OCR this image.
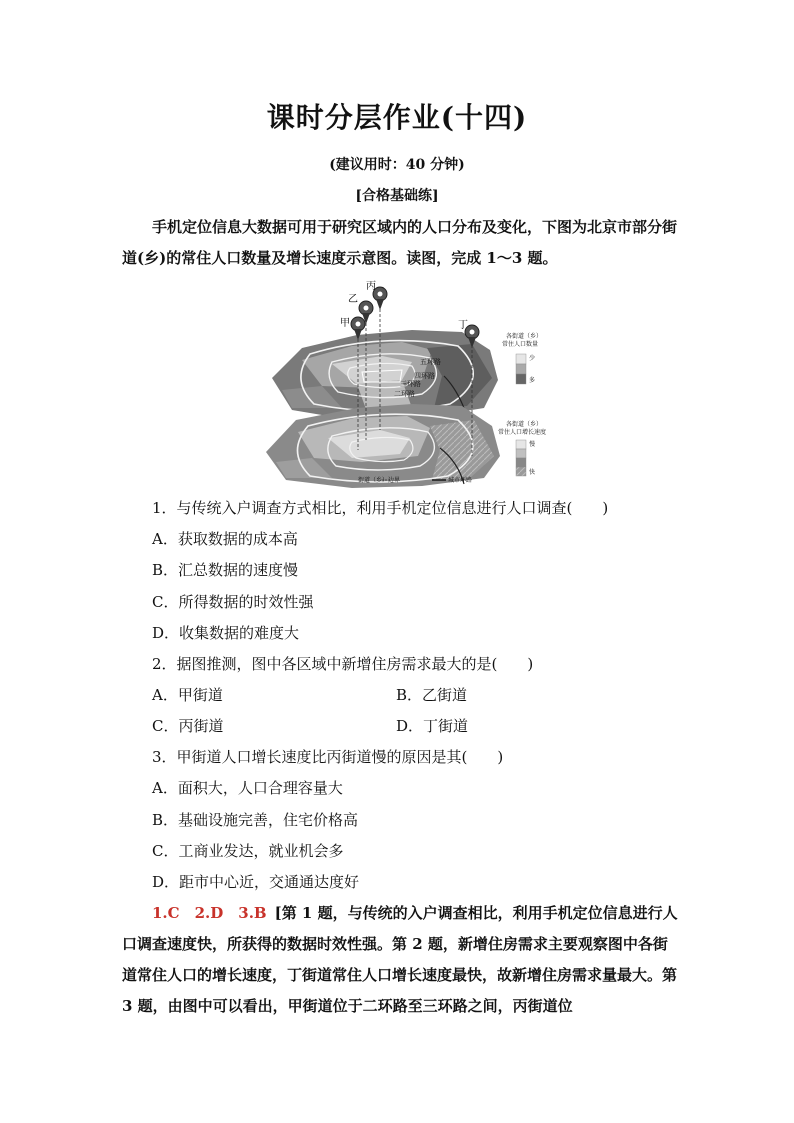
课时分层作业(十四)
(建议用时：40 分钟)
[合格基础练]

手机定位信息大数据可用于研究区域内的人口分布及变化，下图为北京市部分街道(乡)的常住人口数量及增长速度示意图。读图，完成 1～3 题。

甲
乙
丙
丁
五环路
四环路
三环路
二环路
各街道（乡）
常住人口数量
少
多
各街道（乡）
常住人口增长速度
慢
快
街道（乡）边界	城市环路
1．与传统入户调查方式相比，利用手机定位信息进行人口调查(　　)
A．获取数据的成本高
B．汇总数据的速度慢
C．所得数据的时效性强
D．收集数据的难度大
2．据图推测，图中各区域中新增住房需求最大的是(　　)
A．甲街道	B．乙街道
C．丙街道	D．丁街道
3．甲街道人口增长速度比丙街道慢的原因是其(　　)
A．面积大，人口合理容量大
B．基础设施完善，住宅价格高
C．工商业发达，就业机会多
D．距市中心近，交通通达度好

1.C　2.D　3.B [第 1 题，与传统的入户调查相比，利用手机定位信息进行人口调查速度快，所获得的数据时效性强。第 2 题，新增住房需求主要观察图中各街道常住人口的增长速度，丁街道常住人口增长速度最快，故新增住房需求量最大。第 3 题，由图中可以看出，甲街道位于二环路至三环路之间，丙街道位
